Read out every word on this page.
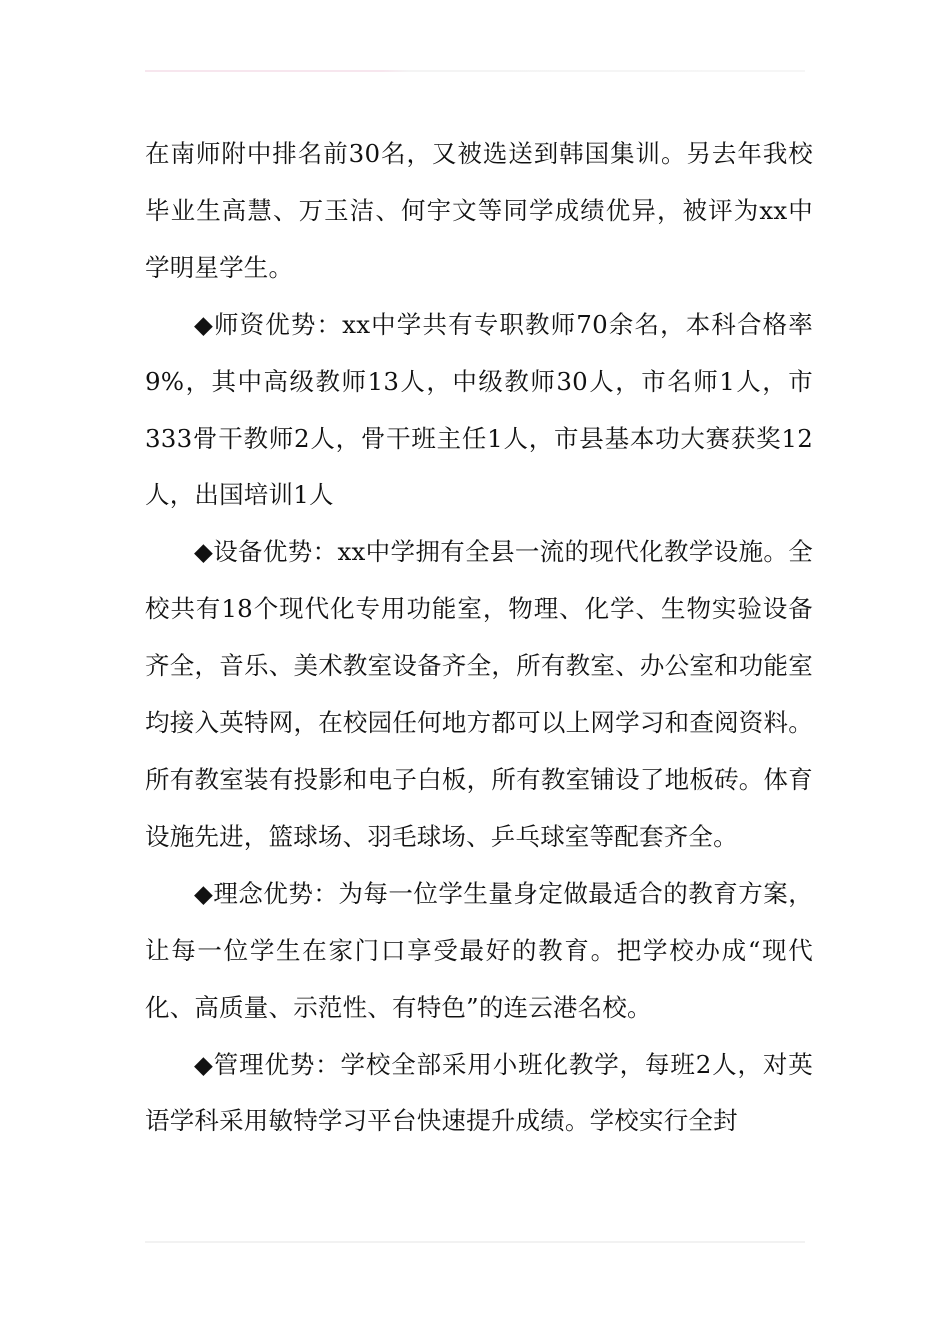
在南师附中排名前30名，又被选送到韩国集训。另去年我校毕业生高慧、万玉洁、何宇文等同学成绩优异，被评为xx中学明星学生。

◆师资优势：xx中学共有专职教师70余名，本科合格率9%，其中高级教师13人，中级教师30人，市名师1人，市333骨干教师2人，骨干班主任1人，市县基本功大赛获奖12人，出国培训1人

◆设备优势：xx中学拥有全县一流的现代化教学设施。全校共有18个现代化专用功能室，物理、化学、生物实验设备齐全，音乐、美术教室设备齐全，所有教室、办公室和功能室均接入英特网，在校园任何地方都可以上网学习和查阅资料。所有教室装有投影和电子白板，所有教室铺设了地板砖。体育设施先进，篮球场、羽毛球场、乒乓球室等配套齐全。

◆理念优势：为每一位学生量身定做最适合的教育方案，让每一位学生在家门口享受最好的教育。把学校办成“现代化、高质量、示范性、有特色”的连云港名校。

◆管理优势：学校全部采用小班化教学，每班2人，对英语学科采用敏特学习平台快速提升成绩。学校实行全封
